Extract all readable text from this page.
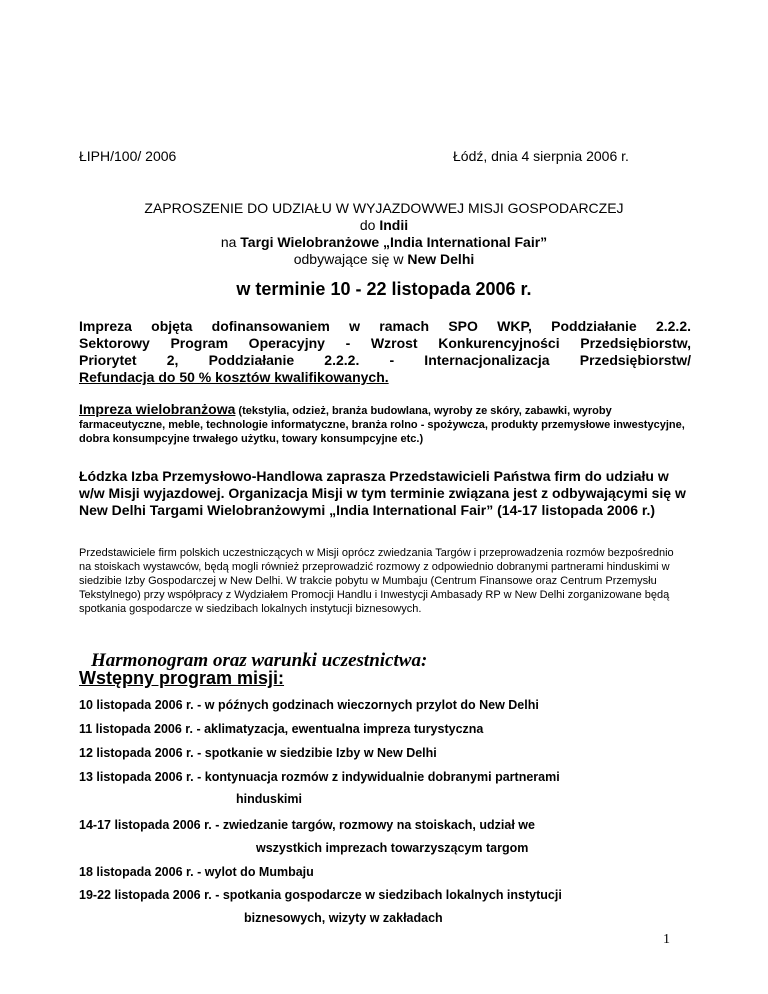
ŁIPH/100/ 2006	Łódź, dnia 4 sierpnia 2006 r.
ZAPROSZENIE DO UDZIAŁU W WYJAZDOWWEJ MISJI GOSPODARCZEJ
do Indii
na Targi Wielobranżowe „India International Fair”
odbywające się w New Delhi
w terminie 10 - 22 listopada 2006 r.
Impreza objęta dofinansowaniem w ramach SPO WKP, Poddziałanie 2.2.2.
Sektorowy Program Operacyjny - Wzrost Konkurencyjności Przedsiębiorstw,
Priorytet 2, Poddziałanie 2.2.2. - Internacjonalizacja Przedsiębiorstw/
Refundacja do 50 % kosztów kwalifikowanych.
Impreza wielobranżowa (tekstylia, odzież, branża budowlana, wyroby ze skóry, zabawki, wyroby farmaceutyczne, meble, technologie informatyczne, branża rolno - spożywcza, produkty przemysłowe inwestycyjne, dobra konsumpcyjne trwałego użytku, towary konsumpcyjne etc.)
Łódzka Izba Przemysłowo-Handlowa zaprasza Przedstawicieli Państwa firm do udziału w w/w Misji wyjazdowej. Organizacja Misji w tym terminie związana jest z odbywającymi się w New Delhi Targami Wielobranżowymi „India International Fair” (14-17 listopada 2006 r.)
Przedstawiciele firm polskich uczestniczących w Misji oprócz zwiedzania Targów i przeprowadzenia rozmów bezpośrednio na stoiskach wystawców, będą mogli również przeprowadzić rozmowy z odpowiednio dobranymi partnerami hinduskimi w siedzibie Izby Gospodarczej w New Delhi. W trakcie pobytu w Mumbaju (Centrum Finansowe oraz Centrum Przemysłu Tekstylnego) przy współpracy z Wydziałem Promocji Handlu i Inwestycji Ambasady RP w New Delhi zorganizowane będą spotkania gospodarcze w siedzibach lokalnych instytucji biznesowych.
Harmonogram oraz warunki uczestnictwa:
Wstępny program misji:
10 listopada 2006 r. - w późnych godzinach wieczornych przylot do New Delhi
11 listopada 2006 r. - aklimatyzacja, ewentualna impreza turystyczna
12 listopada 2006 r. - spotkanie w siedzibie Izby w New Delhi
13 listopada 2006 r. - kontynuacja rozmów z indywidualnie dobranymi partnerami
hinduskimi
14-17 listopada 2006 r. - zwiedzanie targów, rozmowy na stoiskach, udział we
wszystkich imprezach towarzyszącym targom
18 listopada 2006 r. - wylot do Mumbaju
19-22 listopada 2006 r. - spotkania gospodarcze w siedzibach lokalnych instytucji
biznesowych, wizyty w zakładach
1
